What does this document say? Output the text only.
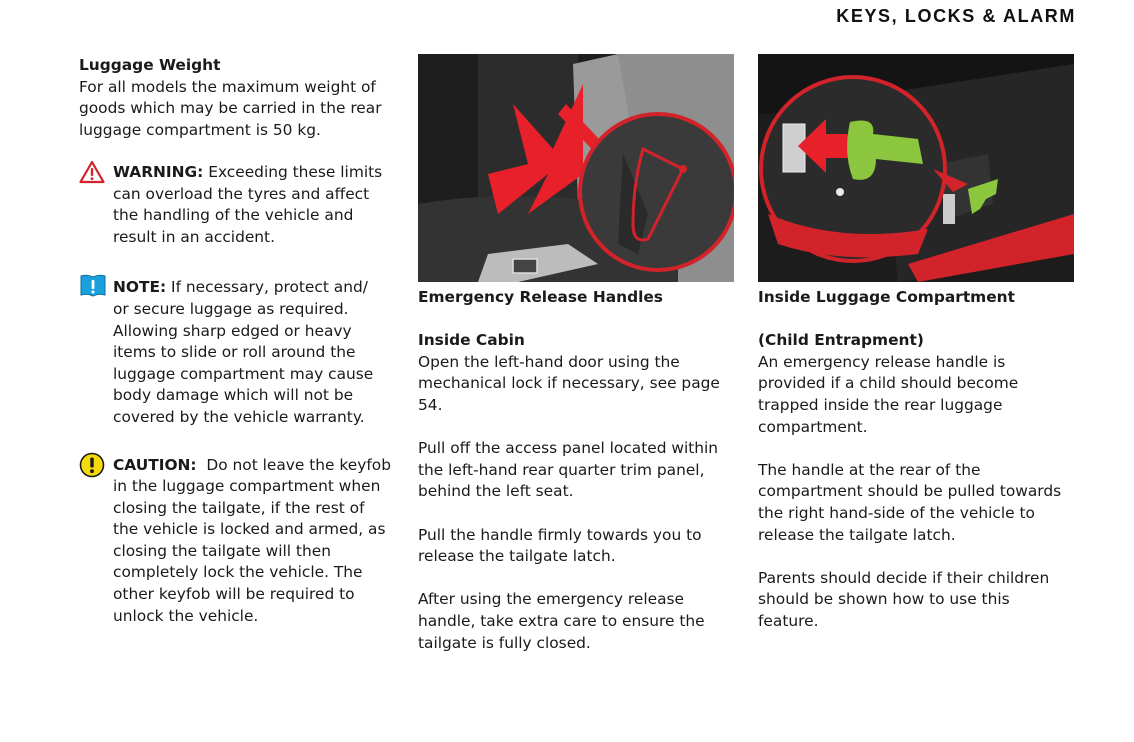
KEYS, LOCKS & ALARM
Luggage Weight
For all models the maximum weight of
goods which may be carried in the rear
luggage compartment is 50 kg.
WARNING: Exceeding these limits
can overload the tyres and affect
the handling of the vehicle and
result in an accident.
NOTE: If necessary, protect and/
or secure luggage as required.
Allowing sharp edged or heavy
items to slide or roll around the
luggage compartment may cause
body damage which will not be
covered by the vehicle warranty.
CAUTION:  Do not leave the keyfob
in the luggage compartment when
closing the tailgate, if the rest of
the vehicle is locked and armed, as
closing the tailgate will then
completely lock the vehicle. The
other keyfob will be required to
unlock the vehicle.
Emergency Release Handles
Inside Cabin
Open the left-hand door using the
mechanical lock if necessary, see page
54.
Pull off the access panel located within
the left-hand rear quarter trim panel,
behind the left seat.
Pull the handle firmly towards you to
release the tailgate latch.
After using the emergency release
handle, take extra care to ensure the
tailgate is fully closed.
Inside Luggage Compartment
(Child Entrapment)
An emergency release handle is
provided if a child should become
trapped inside the rear luggage
compartment.
The handle at the rear of the
compartment should be pulled towards
the right hand-side of the vehicle to
release the tailgate latch.
Parents should decide if their children
should be shown how to use this
feature.
